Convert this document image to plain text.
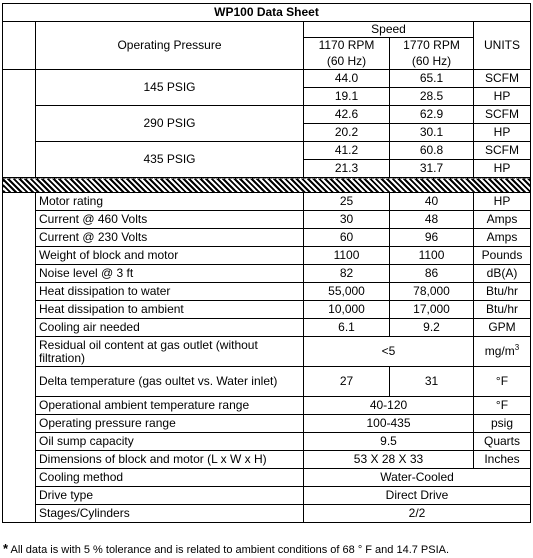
WP100 Data Sheet				
	Operating Pressure	Speed		UNITS
		1170 RPM	1770 RPM	
		(60 Hz)	(60 Hz)	
Flow Power	145 PSIG	44.0	65.1	SCFM
		19.1	28.5	HP
	290 PSIG	42.6	62.9	SCFM
		20.2	30.1	HP
	435 PSIG	41.2	60.8	SCFM
		21.3	31.7	HP

	Motor rating	25	40	HP
	Current @ 460 Volts	30	48	Amps
	Current @ 230 Volts	60	96	Amps
	Weight of block and motor	1100	1100	Pounds
	Noise level @ 3 ft	82	86	dB(A)
	Heat dissipation to water	55,000	78,000	Btu/hr
	Heat dissipation to ambient	10,000	17,000	Btu/hr
	Cooling air needed	6.1	9.2	GPM
	Residual oil content at gas outlet (without filtration)	<5		$mg/m^3$
	Delta temperature (gas oultet vs. Water inlet)	27	31	°F
	Operational ambient temperature range	40-120		°F
	Operating pressure range	100-435		psig
	Oil sump capacity	9.5		Quarts
	Dimensions of block and motor (L x W x H)	53 X 28 X 33		Inches
	Cooling method	Water-Cooled		
	Drive type	Direct Drive		
	Stages/Cylinders	2/2		
* All data is with 5 % tolerance and is related to ambient conditions of 68 ° F and 14.7 PSIA.
